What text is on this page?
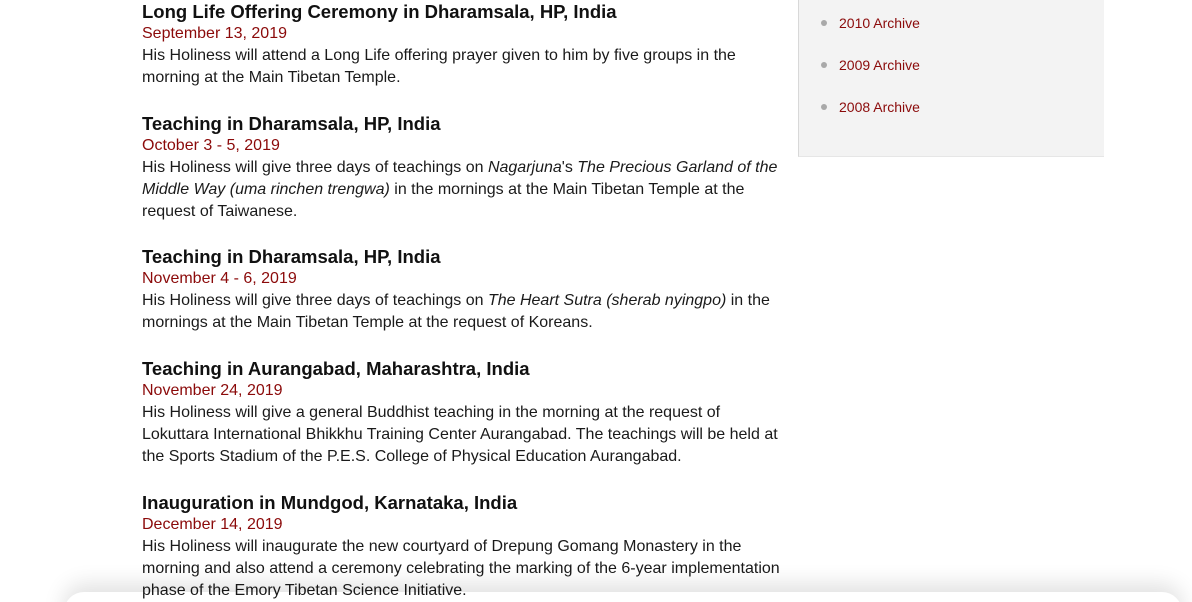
Long Life Offering Ceremony in Dharamsala, HP, India
September 13, 2019

His Holiness will attend a Long Life offering prayer given to him by five groups in the morning at the Main Tibetan Temple.

Teaching in Dharamsala, HP, India
October 3 - 5, 2019

His Holiness will give three days of teachings on Nagarjuna's The Precious Garland of the Middle Way (uma rinchen trengwa) in the mornings at the Main Tibetan Temple at the request of Taiwanese.

Teaching in Dharamsala, HP, India
November 4 - 6, 2019

His Holiness will give three days of teachings on The Heart Sutra (sherab nyingpo) in the mornings at the Main Tibetan Temple at the request of Koreans.

Teaching in Aurangabad, Maharashtra, India
November 24, 2019

His Holiness will give a general Buddhist teaching in the morning at the request of Lokuttara International Bhikkhu Training Center Aurangabad. The teachings will be held at the Sports Stadium of the P.E.S. College of Physical Education Aurangabad.

Inauguration in Mundgod, Karnataka, India
December 14, 2019

His Holiness will inaugurate the new courtyard of Drepung Gomang Monastery in the morning and also attend a ceremony celebrating the marking of the 6-year implementation phase of the Emory Tibetan Science Initiative.

2010 Archive
2009 Archive
2008 Archive
